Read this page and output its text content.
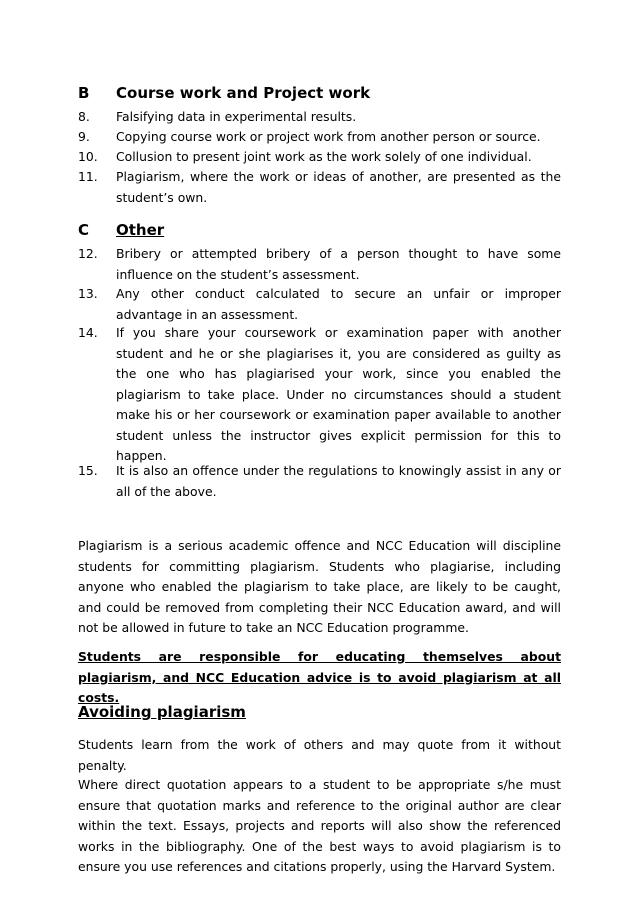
B Course work and Project work
8.	Falsifying data in experimental results.
9.	Copying course work or project work from another person or source.
10.	Collusion to present joint work as the work solely of one individual.
11.	Plagiarism, where the work or ideas of another, are presented as the student’s own.
C Other
12.	Bribery or attempted bribery of a person thought to have some influence on the student’s assessment.
13.	Any other conduct calculated to secure an unfair or improper advantage in an assessment.
14.	If you share your coursework or examination paper with another student and he or she plagiarises it, you are considered as guilty as the one who has plagiarised your work, since you enabled the plagiarism to take place. Under no circumstances should a student make his or her coursework or examination paper available to another student unless the instructor gives explicit permission for this to happen.
15.	It is also an offence under the regulations to knowingly assist in any or all of the above.
Plagiarism is a serious academic offence and NCC Education will discipline students for committing plagiarism. Students who plagiarise, including anyone who enabled the plagiarism to take place, are likely to be caught, and could be removed from completing their NCC Education award, and will not be allowed in future to take an NCC Education programme.
Students are responsible for educating themselves about plagiarism, and NCC Education advice is to avoid plagiarism at all costs.
Avoiding plagiarism
Students learn from the work of others and may quote from it without penalty.
Where direct quotation appears to a student to be appropriate s/he must ensure that quotation marks and reference to the original author are clear within the text. Essays, projects and reports will also show the referenced works in the bibliography. One of the best ways to avoid plagiarism is to ensure you use references and citations properly, using the Harvard System.
